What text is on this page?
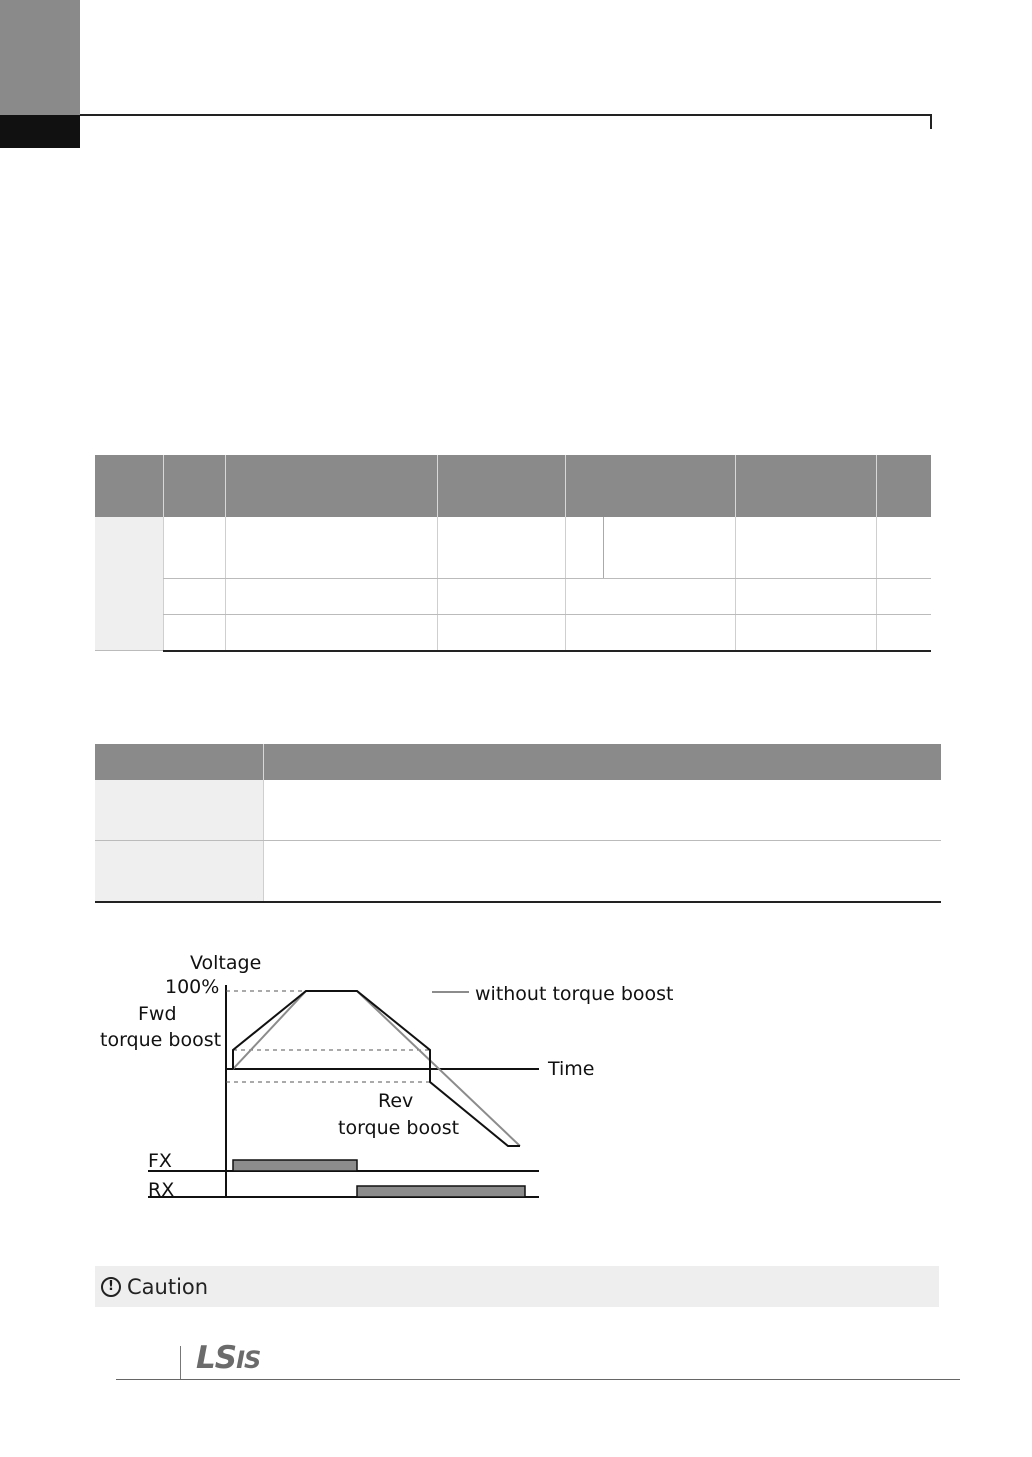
Voltage
100%
Fwd
torque boost
without torque boost
Time
Rev
torque boost
FX
RX
! Caution
LSIS
